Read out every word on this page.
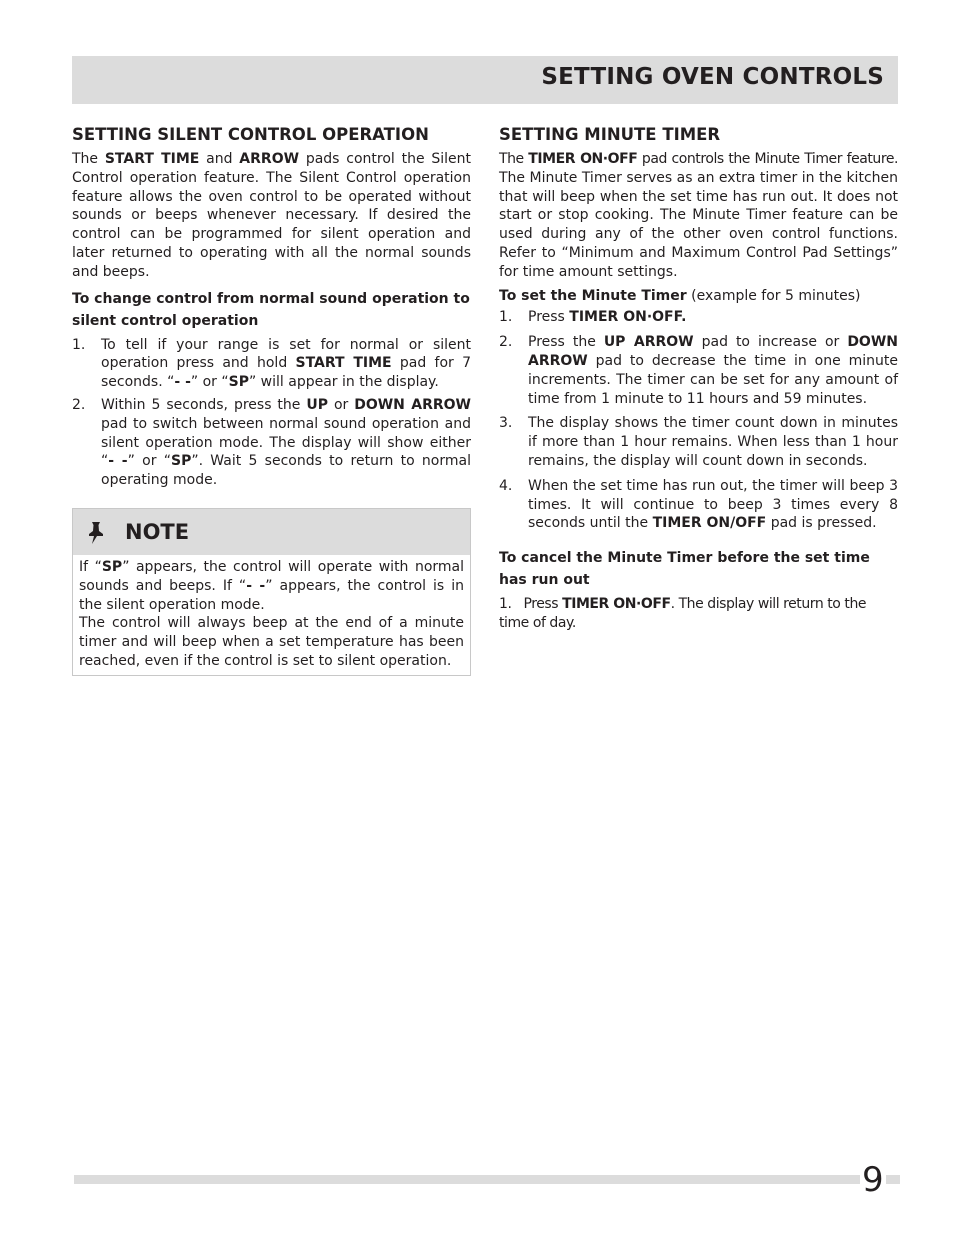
SETTING OVEN CONTROLS
SETTING SILENT CONTROL OPERATION

The START TIME and ARROW pads control the Silent Control operation feature. The Silent Control operation feature allows the oven control to be operated without sounds or beeps whenever necessary. If desired the control can be programmed for silent operation and later returned to operating with all the normal sounds and beeps.

To change control from normal sound operation to silent control operation

1. To tell if your range is set for normal or silent operation press and hold START TIME pad for 7 seconds. “- -” or “SP” will appear in the display.
2. Within 5 seconds, press the UP or DOWN ARROW pad to switch between normal sound operation and silent operation mode. The display will show either “- -” or “SP”. Wait 5 seconds to return to normal operating mode.
NOTE

If “SP” appears, the control will operate with normal sounds and beeps. If “- -” appears, the control is in the silent operation mode.

The control will always beep at the end of a minute timer and will beep when a set temperature has been reached, even if the control is set to silent operation.

SETTING MINUTE TIMER

The TIMER ON·OFF pad controls the Minute Timer feature. The Minute Timer serves as an extra timer in the kitchen that will beep when the set time has run out. It does not start or stop cooking. The Minute Timer feature can be used during any of the other oven control functions. Refer to “Minimum and Maximum Control Pad Settings” for time amount settings.

To set the Minute Timer (example for 5 minutes)

1. Press TIMER ON·OFF.
2. Press the UP ARROW pad to increase or DOWN ARROW pad to decrease the time in one minute increments. The timer can be set for any amount of time from 1 minute to 11 hours and 59 minutes.
3. The display shows the timer count down in minutes if more than 1 hour remains. When less than 1 hour remains, the display will count down in seconds.
4. When the set time has run out, the timer will beep 3 times. It will continue to beep 3 times every 8 seconds until the TIMER ON/OFF pad is pressed.

To cancel the Minute Timer before the set time has run out

1. Press TIMER ON·OFF. The display will return to the time of day.

9
